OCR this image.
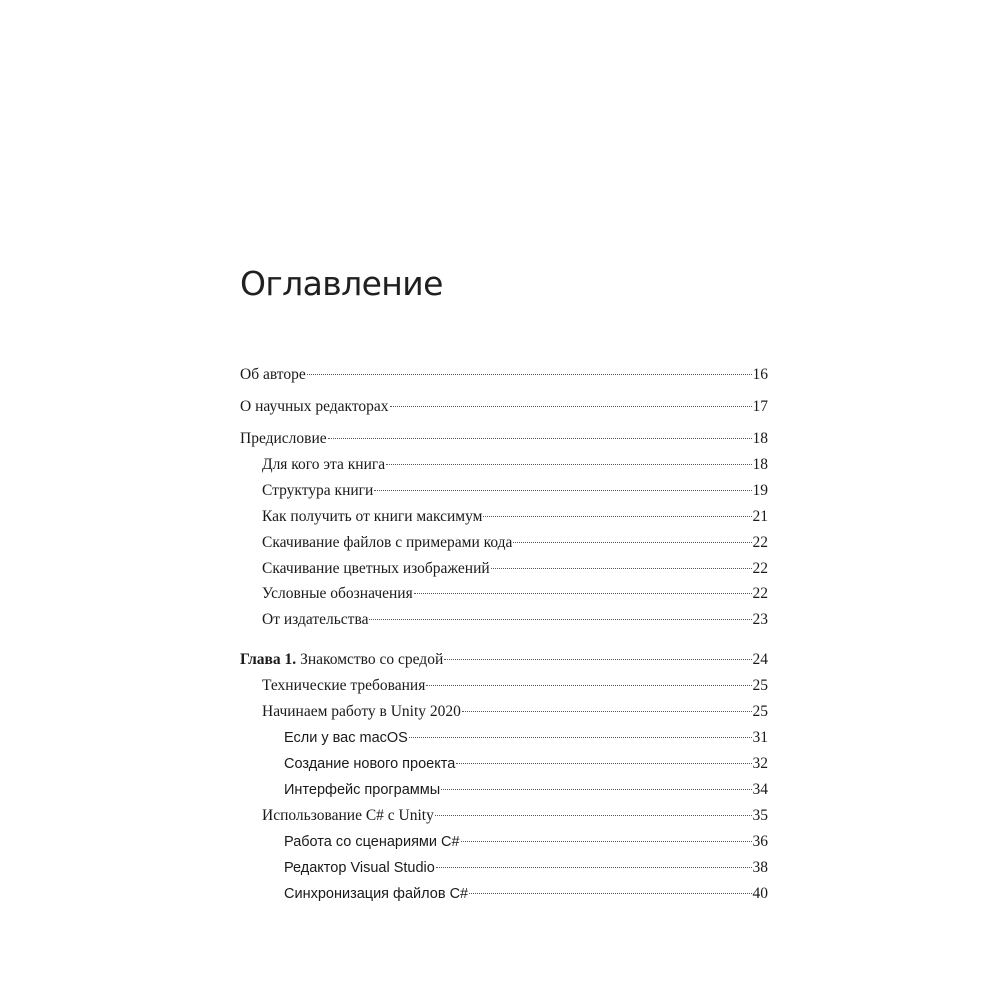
Оглавление
Об авторе	16
О научных редакторах	17
Предисловие	18
Для кого эта книга	18
Структура книги	19
Как получить от книги максимум	21
Скачивание файлов с примерами кода	22
Скачивание цветных изображений	22
Условные обозначения	22
От издательства	23
Глава 1. Знакомство со средой	24
Технические требования	25
Начинаем работу в Unity 2020	25
Если у вас macOS	31
Создание нового проекта	32
Интерфейс программы	34
Использование C# с Unity	35
Работа со сценариями C#	36
Редактор Visual Studio	38
Синхронизация файлов C#	40
